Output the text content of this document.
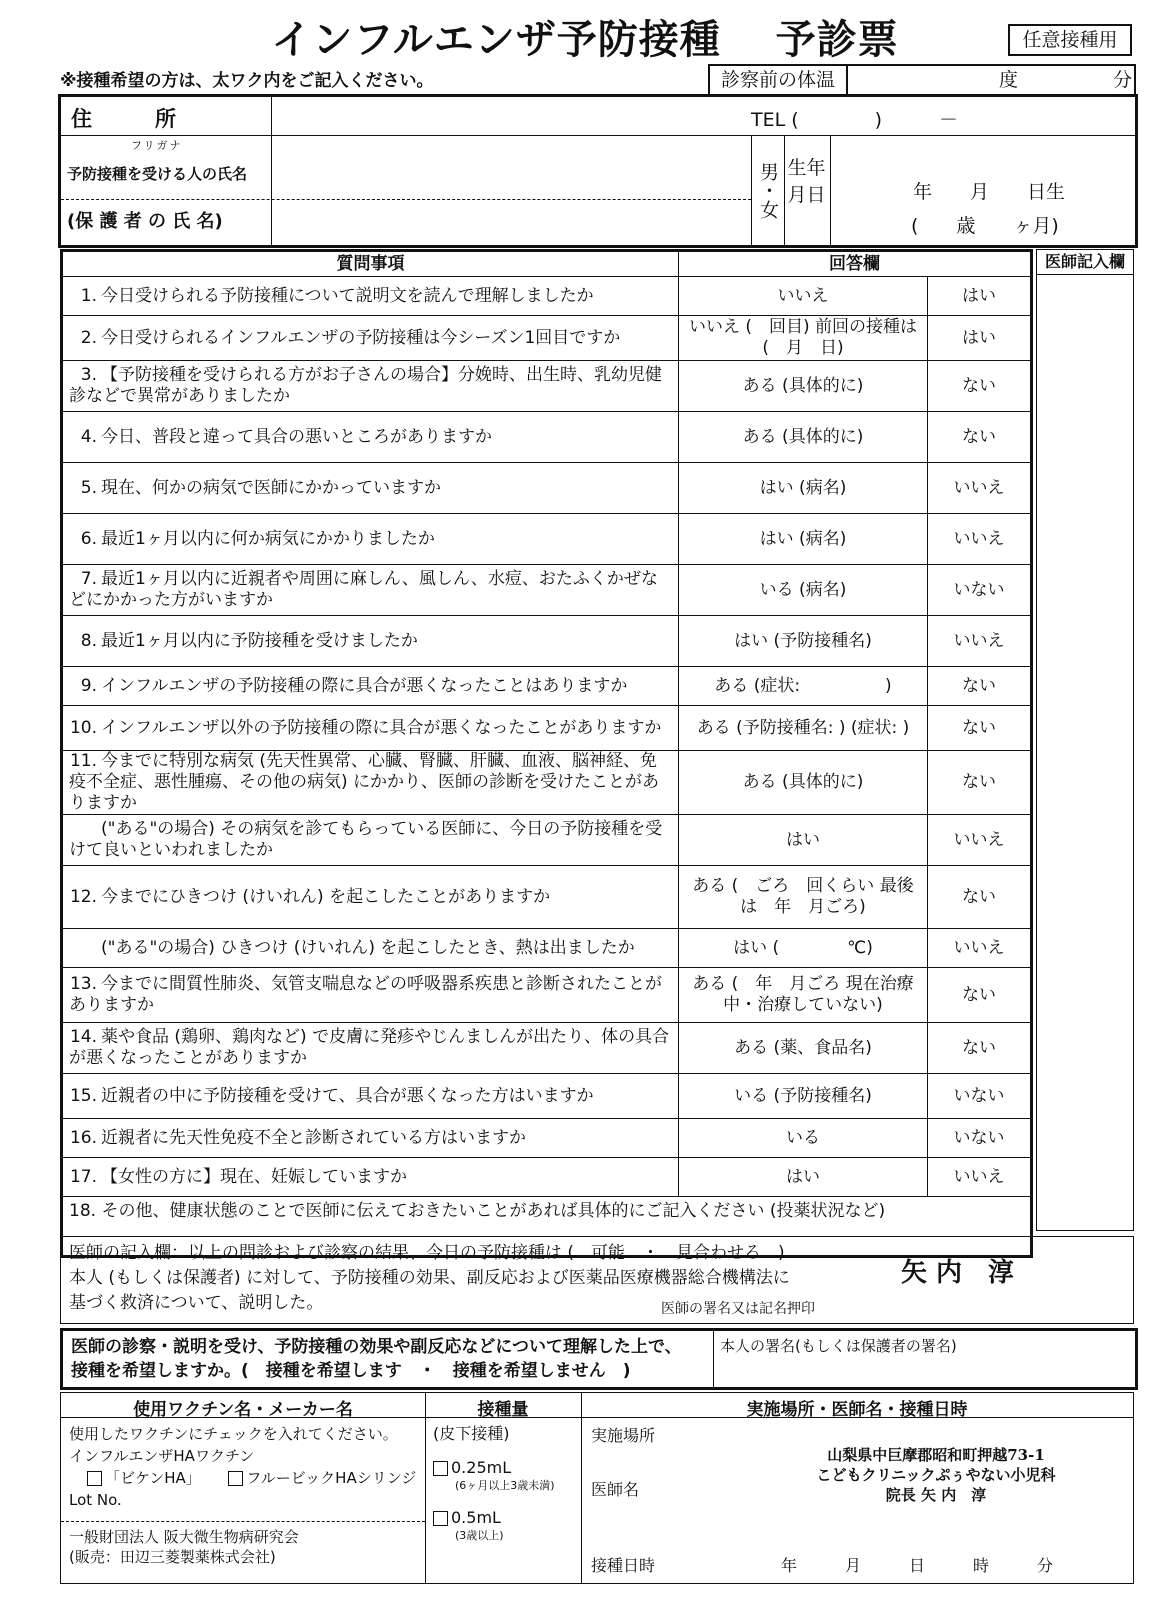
インフルエンザ予防接種 予診票	任意接種用
※接種希望の方は、太ワク内をご記入ください。	診察前の体温	度	分
住　　　所	TEL (　　　　)　　　－
フリガナ
予防接種を受ける人の氏名
(保 護 者 の 氏 名)
男・女 生年月日	年　　月　　日生
(　　歳　　ヶ月)
質問事項	回答欄	
1. 今日受けられる予防接種について説明文を読んで理解しましたか	いいえ	はい
2. 今日受けられるインフルエンザの予防接種は今シーズン1回目ですか	いいえ (　回目) 前回の接種は (　月　日)	はい
3. 【予防接種を受けられる方がお子さんの場合】分娩時、出生時、乳幼児健診などで異常がありましたか	ある (具体的に)	ない
4. 今日、普段と違って具合の悪いところがありますか	ある (具体的に)	ない
5. 現在、何かの病気で医師にかかっていますか	はい (病名)	いいえ
6. 最近1ヶ月以内に何か病気にかかりましたか	はい (病名)	いいえ
7. 最近1ヶ月以内に近親者や周囲に麻しん、風しん、水痘、おたふくかぜなどにかかった方がいますか	いる (病名)	いない
8. 最近1ヶ月以内に予防接種を受けましたか	はい (予防接種名)	いいえ
9. インフルエンザの予防接種の際に具合が悪くなったことはありますか	ある (症状:　　　　　)	ない
10. インフルエンザ以外の予防接種の際に具合が悪くなったことがありますか	ある (予防接種名: ) (症状: )	ない
11. 今までに特別な病気 (先天性異常、心臓、腎臓、肝臓、血液、脳神経、免疫不全症、悪性腫瘍、その他の病気) にかかり、医師の診断を受けたことがありますか	ある (具体的に)	ない
("ある"の場合) その病気を診てもらっている医師に、今日の予防接種を受けて良いといわれましたか	はい	いいえ
12. 今までにひきつけ (けいれん) を起こしたことがありますか	ある (　ごろ　回くらい 最後は　年　月ごろ)	ない
("ある"の場合) ひきつけ (けいれん) を起こしたとき、熱は出ましたか	はい (　　　　℃)	いいえ
13. 今までに間質性肺炎、気管支喘息などの呼吸器系疾患と診断されたことがありますか	ある (　年　月ごろ 現在治療中・治療していない)	ない
14. 薬や食品 (鶏卵、鶏肉など) で皮膚に発疹やじんましんが出たり、体の具合が悪くなったことがありますか	ある (薬、食品名)	ない
15. 近親者の中に予防接種を受けて、具合が悪くなった方はいますか	いる (予防接種名)	いない
16. 近親者に先天性免疫不全と診断されている方はいますか	いる	いない
17. 【女性の方に】現在、妊娠していますか	はい	いいえ
18. その他、健康状態のことで医師に伝えておきたいことがあれば具体的にご記入ください (投薬状況など)		
医師記入欄
医師の記入欄：以上の問診および診察の結果、今日の予防接種は (　可能　・　見合わせる　)
本人 (もしくは保護者) に対して、予防接種の効果、副反応および医薬品医療機器総合機構法に
基づく救済について、説明した。	医師の署名又は記名押印
矢 内　淳
医師の診察・説明を受け、予防接種の効果や副反応などについて理解した上で、
接種を希望しますか。(　接種を希望します　・　接種を希望しません　)
本人の署名(もしくは保護者の署名)
使用ワクチン名・メーカー名	接種量	実施場所・医師名・接種日時
使用したワクチンにチェックを入れてください。
インフルエンザHAワクチン
「ビケンHA」	フルービックHAシリンジ
Lot No.
一般財団法人 阪大微生物病研究会
(販売：田辺三菱製薬株式会社)
(皮下接種)
0.25mL
(6ヶ月以上3歳未満)
0.5mL
(3歳以上)
実施場所
医師名
接種日時
山梨県中巨摩郡昭和町押越73-1
こどもクリニックぷぅやない小児科
院長 矢 内　淳
年　　　月　　　日　　　時　　　分
